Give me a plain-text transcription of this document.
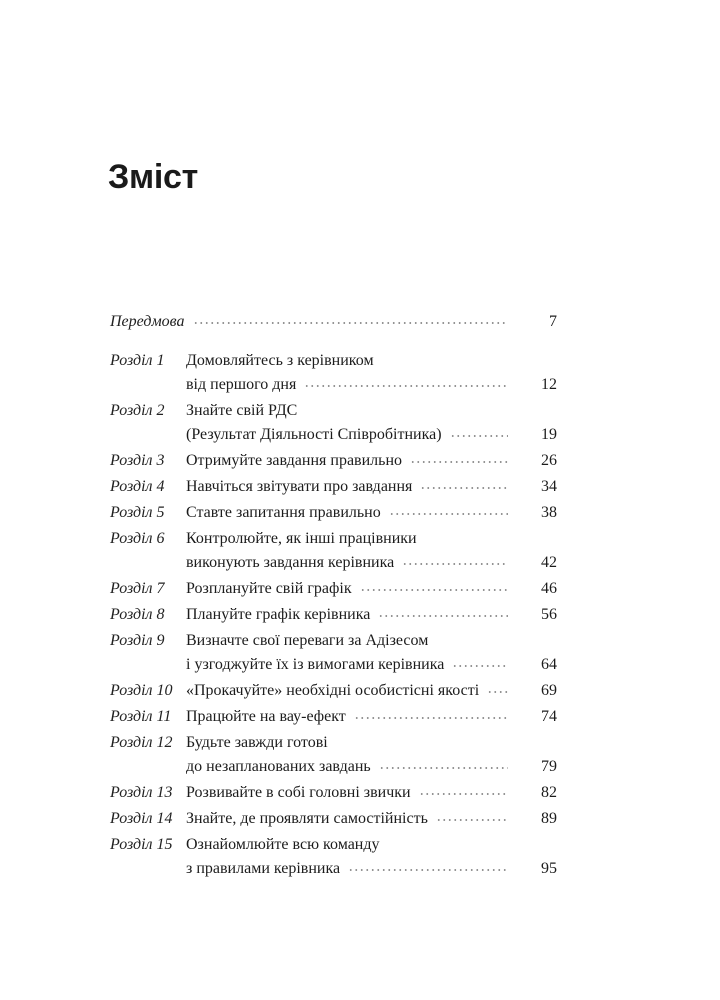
Зміст
Передмова	7
Розділ 1 Домовляйтесь з керівником
від першого дня	12
Розділ 2 Знайте свій РДС
(Результат Діяльності Співробітника)	19
Розділ 3 Отримуйте завдання правильно	26
Розділ 4 Навчіться звітувати про завдання	34
Розділ 5 Ставте запитання правильно	38
Розділ 6 Контролюйте, як інші працівники
виконують завдання керівника	42
Розділ 7 Розплануйте свій графік	46
Розділ 8 Плануйте графік керівника	56
Розділ 9 Визначте свої переваги за Адізесом
і узгоджуйте їх із вимогами керівника	64
Розділ 10 «Прокачуйте» необхідні особистісні якості	69
Розділ 11 Працюйте на вау-ефект	74
Розділ 12 Будьте завжди готові
до незапланованих завдань	79
Розділ 13 Розвивайте в собі головні звички	82
Розділ 14 Знайте, де проявляти самостійність	89
Розділ 15 Ознайомлюйте всю команду
з правилами керівника	95
